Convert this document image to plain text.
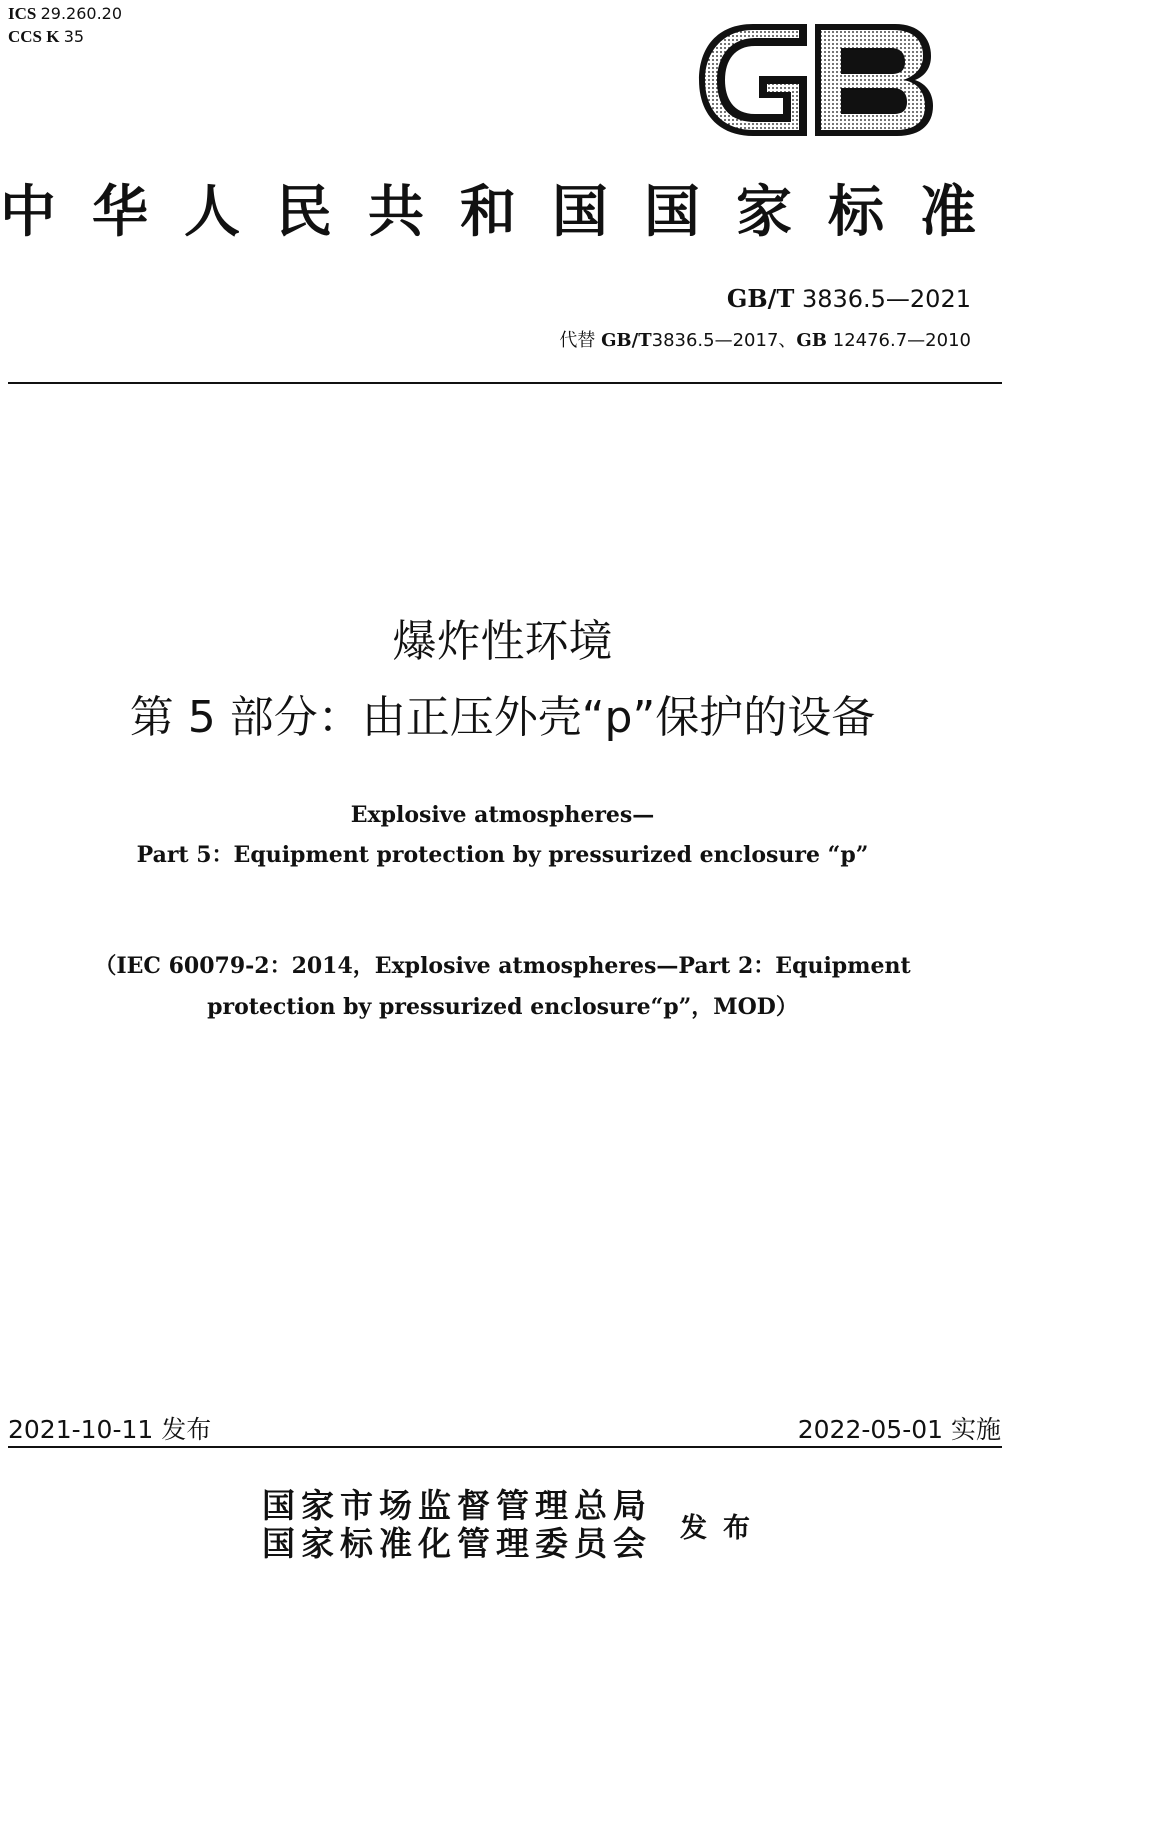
ICS 29.260.20
CCS K 35
中华人民共和国国家标准
GB/T 3836.5—2021
代替 GB/T3836.5—2017、GB 12476.7—2010
爆炸性环境
第 5 部分：由正压外壳“p”保护的设备
Explosive atmospheres—
Part 5：Equipment protection by pressurized enclosure “p”
（IEC 60079-2：2014，Explosive atmospheres—Part 2：Equipment
protection by pressurized enclosure“p”，MOD）
2021-10-11 发布	2022-05-01 实施
国家市场监督管理总局
国家标准化管理委员会 发布
